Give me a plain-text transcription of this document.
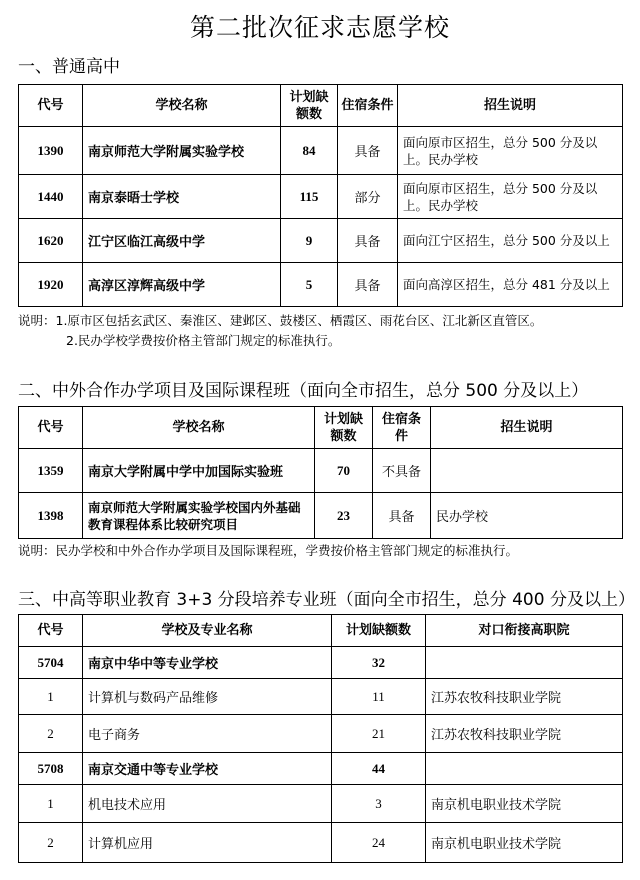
第二批次征求志愿学校
一、普通高中
代号	学校名称	计划缺额数	住宿条件	招生说明
1390	南京师范大学附属实验学校	84	具备	面向原市区招生，总分 500 分及以上。民办学校
1440	南京泰晤士学校	115	部分	面向原市区招生，总分 500 分及以上。民办学校
1620	江宁区临江高级中学	9	具备	面向江宁区招生，总分 500 分及以上
1920	高淳区淳辉高级中学	5	具备	面向高淳区招生，总分 481 分及以上
说明：1.原市区包括玄武区、秦淮区、建邺区、鼓楼区、栖霞区、雨花台区、江北新区直管区。
2.民办学校学费按价格主管部门规定的标准执行。
二、中外合作办学项目及国际课程班（面向全市招生，总分 500 分及以上）
代号	学校名称	计划缺额数	住宿条件	招生说明
1359	南京大学附属中学中加国际实验班	70	不具备	
1398	南京师范大学附属实验学校国内外基础教育课程体系比较研究项目	23	具备	民办学校
说明：民办学校和中外合作办学项目及国际课程班，学费按价格主管部门规定的标准执行。
三、中高等职业教育 3+3 分段培养专业班（面向全市招生，总分 400 分及以上）
代号	学校及专业名称	计划缺额数	对口衔接高职院
5704	南京中华中等专业学校	32	
1	计算机与数码产品维修	11	江苏农牧科技职业学院
2	电子商务	21	江苏农牧科技职业学院
5708	南京交通中等专业学校	44	
1	机电技术应用	3	南京机电职业技术学院
2	计算机应用	24	南京机电职业技术学院
